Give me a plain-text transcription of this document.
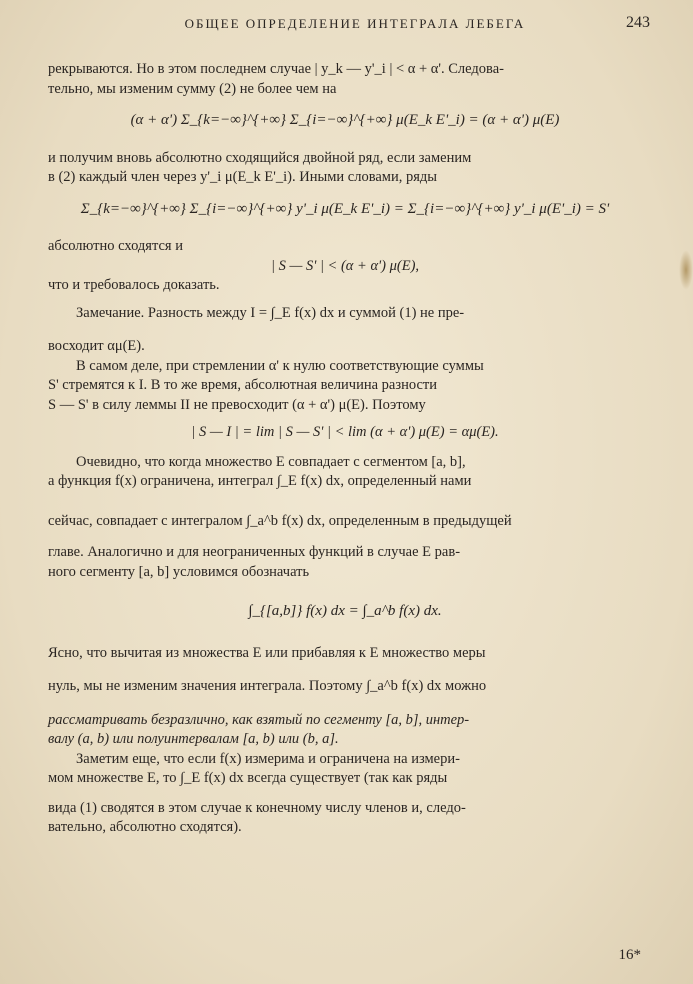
ОБЩЕЕ ОПРЕДЕЛЕНИЕ ИНТЕГРАЛА ЛЕБЕГА	243

рекрываются. Но в этом последнем случае | y_k — y'_i | < α + α'. Следова-

тельно, мы изменим сумму (2) не более чем на

(α + α') Σ_{k=−∞}^{+∞} Σ_{i=−∞}^{+∞} μ(E_k E'_i) = (α + α') μ(E)

и получим вновь абсолютно сходящийся двойной ряд, если заменим

в (2) каждый член через y'_i μ(E_k E'_i). Иными словами, ряды

Σ_{k=−∞}^{+∞} Σ_{i=−∞}^{+∞} y'_i μ(E_k E'_i) = Σ_{i=−∞}^{+∞} y'_i μ(E'_i) = S'

абсолютно сходятся и

| S — S' | < (α + α') μ(E),

что и требовалось доказать.

Замечание. Разность между I = ∫_E f(x) dx и суммой (1) не пре-

восходит αμ(E).

В самом деле, при стремлении α' к нулю соответствующие суммы

S' стремятся к I. В то же время, абсолютная величина разности

S — S' в силу леммы II не превосходит (α + α') μ(E). Поэтому

| S — I | = lim | S — S' | < lim (α + α') μ(E) = αμ(E).

Очевидно, что когда множество E совпадает с сегментом [a, b],

а функция f(x) ограничена, интеграл ∫_E f(x) dx, определенный нами

сейчас, совпадает с интегралом ∫_a^b f(x) dx, определенным в предыдущей

главе. Аналогично и для неограниченных функций в случае E рав-

ного сегменту [a, b] условимся обозначать

∫_{[a,b]} f(x) dx = ∫_a^b f(x) dx.

Ясно, что вычитая из множества E или прибавляя к E множество меры

нуль, мы не изменим значения интеграла. Поэтому ∫_a^b f(x) dx можно

рассматривать безразлично, как взятый по сегменту [a, b], интер-

валу (a, b) или полуинтервалам [a, b) или (b, a].

Заметим еще, что если f(x) измерима и ограничена на измери-

мом множестве E, то ∫_E f(x) dx всегда существует (так как ряды

вида (1) сводятся в этом случае к конечному числу членов и, следо-

вательно, абсолютно сходятся).

16*
